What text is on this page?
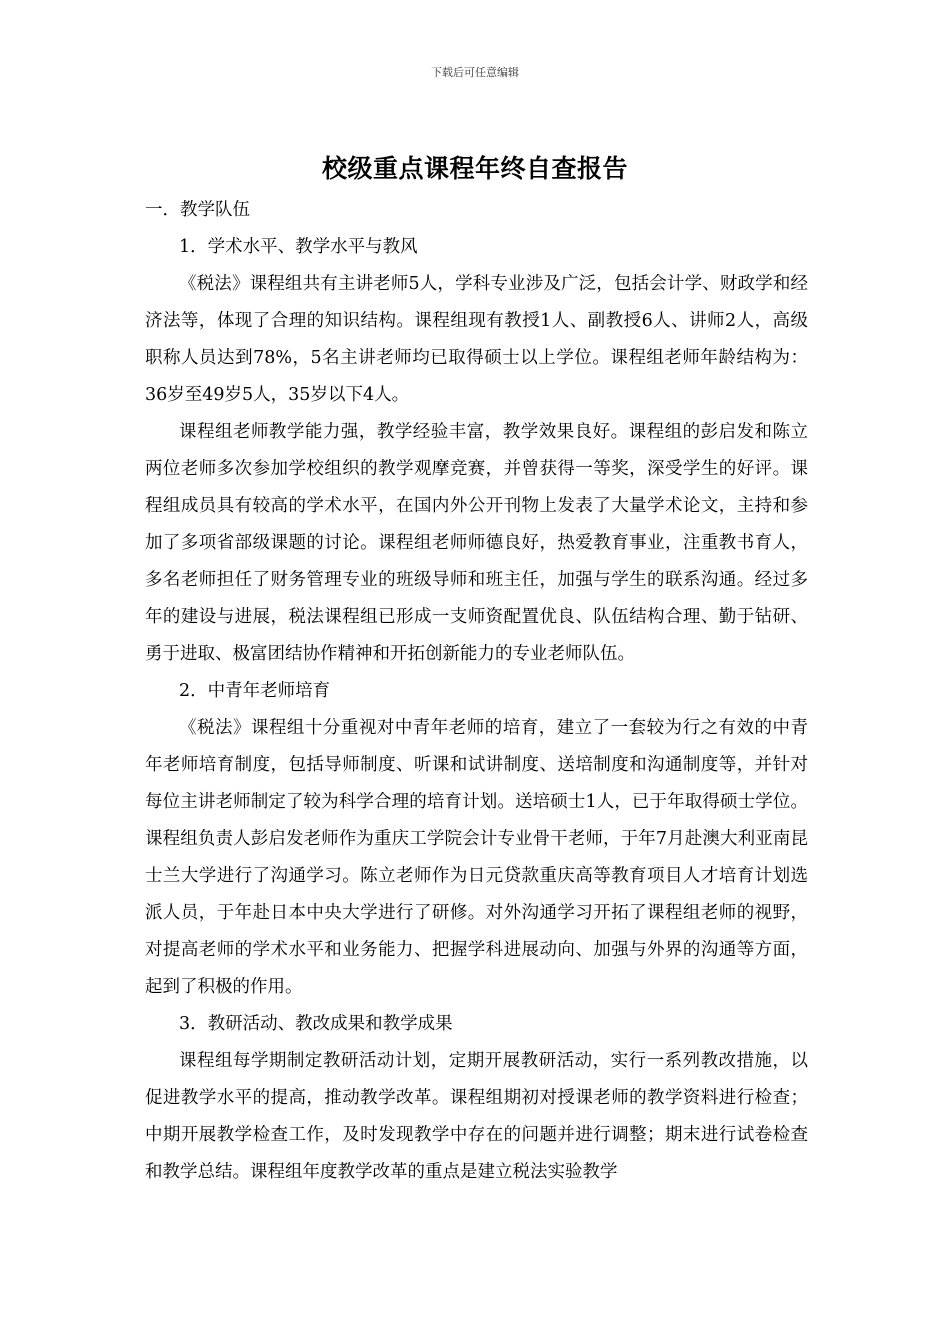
下载后可任意编辑
校级重点课程年终自查报告

一．教学队伍

1．学术水平、教学水平与教风

《税法》课程组共有主讲老师5人，学科专业涉及广泛，包括会计学、财政学和经济法等，体现了合理的知识结构。课程组现有教授1人、副教授6人、讲师2人，高级职称人员达到78%，5名主讲老师均已取得硕士以上学位。课程组老师年龄结构为：36岁至49岁5人，35岁以下4人。

课程组老师教学能力强，教学经验丰富，教学效果良好。课程组的彭启发和陈立两位老师多次参加学校组织的教学观摩竞赛，并曾获得一等奖，深受学生的好评。课程组成员具有较高的学术水平，在国内外公开刊物上发表了大量学术论文，主持和参加了多项省部级课题的讨论。课程组老师师德良好，热爱教育事业，注重教书育人，多名老师担任了财务管理专业的班级导师和班主任，加强与学生的联系沟通。经过多年的建设与进展，税法课程组已形成一支师资配置优良、队伍结构合理、勤于钻研、勇于进取、极富团结协作精神和开拓创新能力的专业老师队伍。

2．中青年老师培育

《税法》课程组十分重视对中青年老师的培育，建立了一套较为行之有效的中青年老师培育制度，包括导师制度、听课和试讲制度、送培制度和沟通制度等，并针对每位主讲老师制定了较为科学合理的培育计划。送培硕士1人，已于年取得硕士学位。课程组负责人彭启发老师作为重庆工学院会计专业骨干老师，于年7月赴澳大利亚南昆士兰大学进行了沟通学习。陈立老师作为日元贷款重庆高等教育项目人才培育计划选派人员，于年赴日本中央大学进行了研修。对外沟通学习开拓了课程组老师的视野，对提高老师的学术水平和业务能力、把握学科进展动向、加强与外界的沟通等方面，起到了积极的作用。

3．教研活动、教改成果和教学成果

课程组每学期制定教研活动计划，定期开展教研活动，实行一系列教改措施，以促进教学水平的提高，推动教学改革。课程组期初对授课老师的教学资料进行检查；中期开展教学检查工作，及时发现教学中存在的问题并进行调整；期末进行试卷检查和教学总结。课程组年度教学改革的重点是建立税法实验教学
